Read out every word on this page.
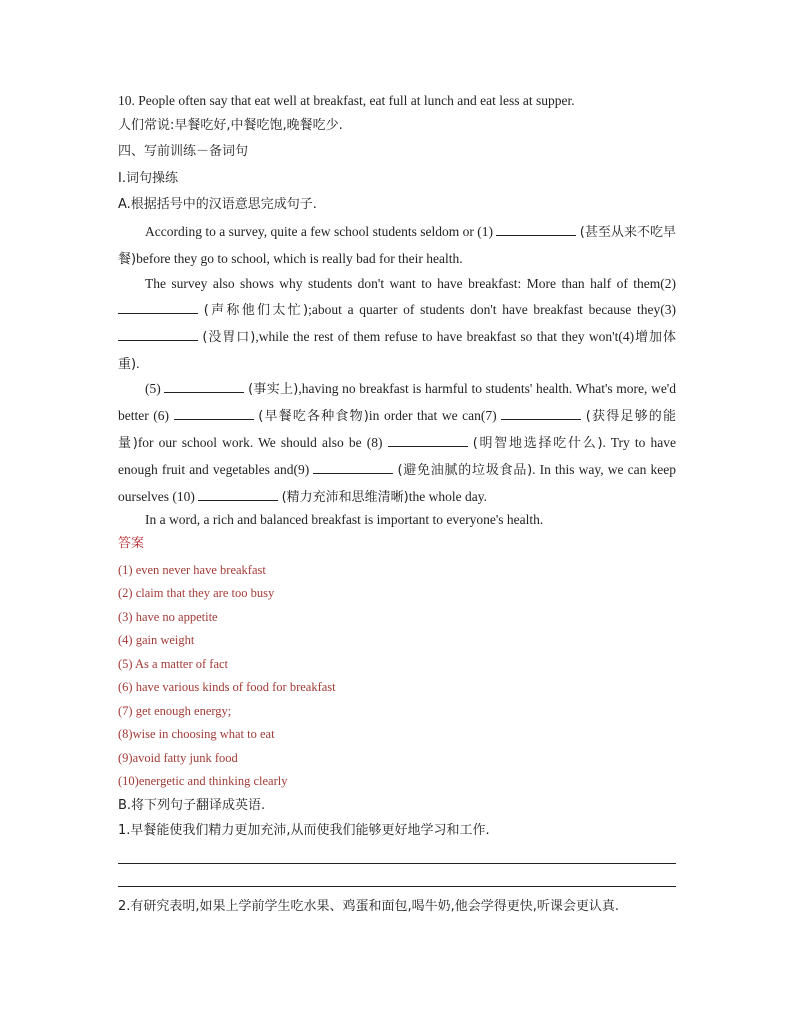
10. People often say that eat well at breakfast, eat full at lunch and eat less at supper.
人们常说:早餐吃好,中餐吃饱,晚餐吃少.
四、写前训练－备词句
I.词句操练
A.根据括号中的汉语意思完成句子.
According to a survey, quite a few school students seldom or (1)	(甚至从来不吃早餐)before they go to school, which is really bad for their health.
The survey also shows why students don't want to have breakfast: More than half of them(2)  (声称他们太忙);about a quarter of students don't have breakfast because they(3)  (没胃口),while the rest of them refuse to have breakfast so that they won't(4)增加体重).
(5)	(事实上),having no breakfast is harmful to students' health. What's more, we'd better (6)	(早餐吃各种食物)in order that we can(7)	(获得足够的能量)for our school work. We should also be (8)	(明智地选择吃什么). Try to have enough fruit and vegetables and(9)	(避免油腻的垃圾食品). In this way, we can keep ourselves (10)	(精力充沛和思维清晰)the whole day.
In a word, a rich and balanced breakfast is important to everyone's health.
答案
(1) even never have breakfast
(2) claim that they are too busy
(3) have no appetite
(4) gain weight
(5) As a matter of fact
(6) have various kinds of food for breakfast
(7) get enough energy;
(8)wise in choosing what to eat
(9)avoid fatty junk food
(10)energetic and thinking clearly
B.将下列句子翻译成英语.
1.早餐能使我们精力更加充沛,从而使我们能够更好地学习和工作.
2.有研究表明,如果上学前学生吃水果、鸡蛋和面包,喝牛奶,他会学得更快,听课会更认真.
